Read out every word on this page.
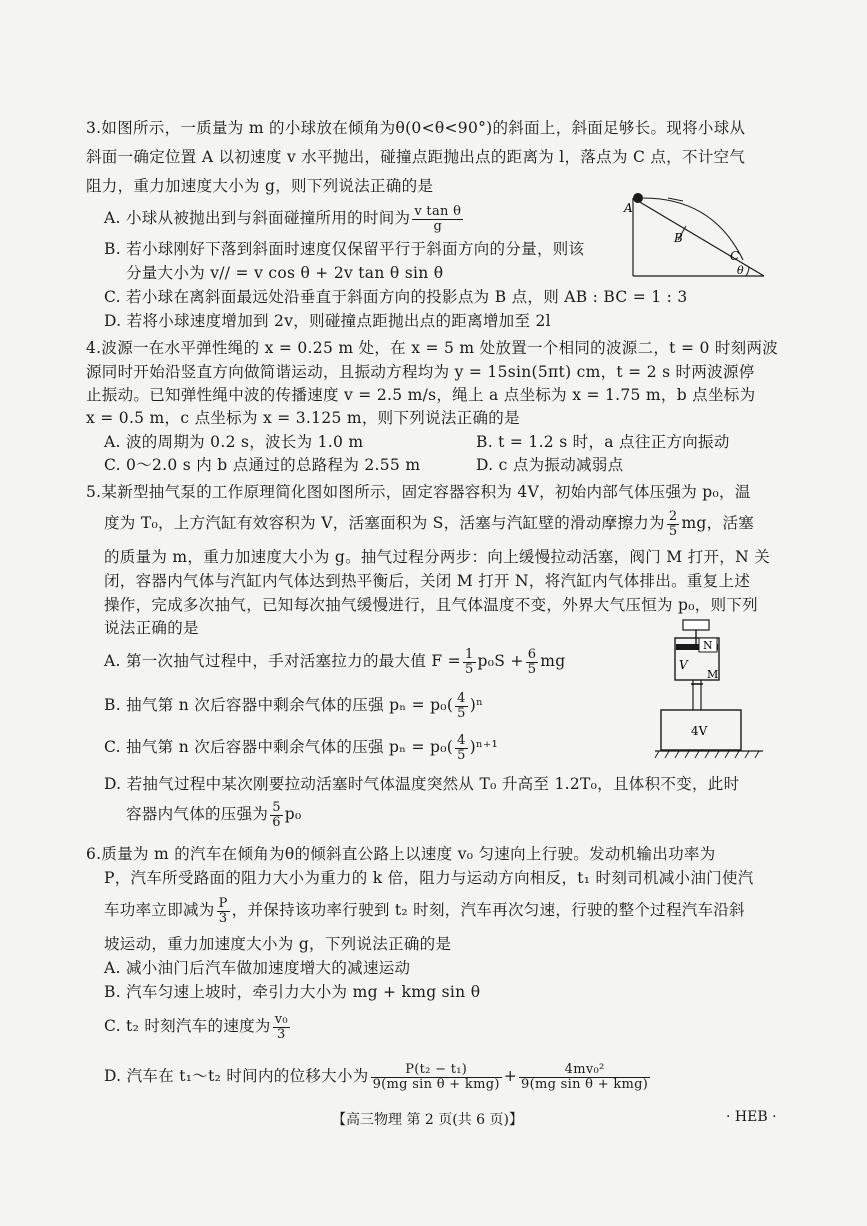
3.如图所示，一质量为 m 的小球放在倾角为θ(0<θ<90°)的斜面上，斜面足够长。现将小球从
斜面一确定位置 A 以初速度 v 水平抛出，碰撞点距抛出点的距离为 l，落点为 C 点，不计空气
阻力，重力加速度大小为 g，则下列说法正确的是
A. 小球从被抛出到与斜面碰撞所用的时间为 $\frac{\text{v tan θ}}{g}$
B. 若小球刚好下落到斜面时速度仅保留平行于斜面方向的分量，则该
分量大小为 v// = v cos θ + 2v tan θ sin θ
C. 若小球在离斜面最远处沿垂直于斜面方向的投影点为 B 点，则 AB : BC = 1 : 3
D. 若将小球速度增加到 2v，则碰撞点距抛出点的距离增加至 2l
A
B
C
θ
4.波源一在水平弹性绳的 x = 0.25 m 处，在 x = 5 m 处放置一个相同的波源二，t = 0 时刻两波
源同时开始沿竖直方向做简谐运动，且振动方程均为 y = 15sin(5πt) cm，t = 2 s 时两波源停
止振动。已知弹性绳中波的传播速度 v = 2.5 m/s，绳上 a 点坐标为 x = 1.75 m，b 点坐标为
x = 0.5 m，c 点坐标为 x = 3.125 m，则下列说法正确的是
A. 波的周期为 0.2 s，波长为 1.0 m	B. t = 1.2 s 时，a 点往正方向振动
C. 0～2.0 s 内 b 点通过的总路程为 2.55 m	D. c 点为振动减弱点
5.某新型抽气泵的工作原理简化图如图所示，固定容器容积为 4V，初始内部气体压强为 p₀，温
度为 T₀，上方汽缸有效容积为 V，活塞面积为 S，活塞与汽缸壁的滑动摩擦力为 $\frac{2}{5}$ mg，活塞
的质量为 m，重力加速度大小为 g。抽气过程分两步：向上缓慢拉动活塞，阀门 M 打开，N 关
闭，容器内气体与汽缸内气体达到热平衡后，关闭 M 打开 N，将汽缸内气体排出。重复上述
操作，完成多次抽气，已知每次抽气缓慢进行，且气体温度不变，外界大气压恒为 p₀，则下列
说法正确的是
A. 第一次抽气过程中，手对活塞拉力的最大值 $F = \frac{1}{5} p_0S + \frac{6}{5}$ mg
B. 抽气第 n 次后容器中剩余气体的压强 $p_n = p_0( \frac{4}{5} )^n$
C. 抽气第 n 次后容器中剩余气体的压强 $p_n = p_0( \frac{4}{5} )^{n+1}$
D. 若抽气过程中某次刚要拉动活塞时气体温度突然从 T₀ 升高至 1.2T₀，且体积不变，此时
容器内气体的压强为 $\frac{5}{6} p_0$
N
V
M
4V
6.质量为 m 的汽车在倾角为θ的倾斜直公路上以速度 v₀ 匀速向上行驶。发动机输出功率为
P，汽车所受路面的阻力大小为重力的 k 倍，阻力与运动方向相反，t₁ 时刻司机减小油门使汽
车功率立即减为 $\frac{P}{3}$ ，并保持该功率行驶到 t₂ 时刻，汽车再次匀速，行驶的整个过程汽车沿斜
坡运动，重力加速度大小为 g，下列说法正确的是
A. 减小油门后汽车做加速度增大的减速运动
B. 汽车匀速上坡时，牵引力大小为 mg + kmg sin θ
C. t₂ 时刻汽车的速度为 $\frac{\text{v₀}}{3}$
D. 汽车在 t₁～t₂ 时间内的位移大小为 $\frac{\text{P(t₂ − t₁)}}{\text{9(mg sin θ + kmg)}} + \frac{\text{4mv₀²}}{\text{9(mg sin θ + kmg)}}$
【高三物理 第 2 页(共 6 页)】	· HEB ·
